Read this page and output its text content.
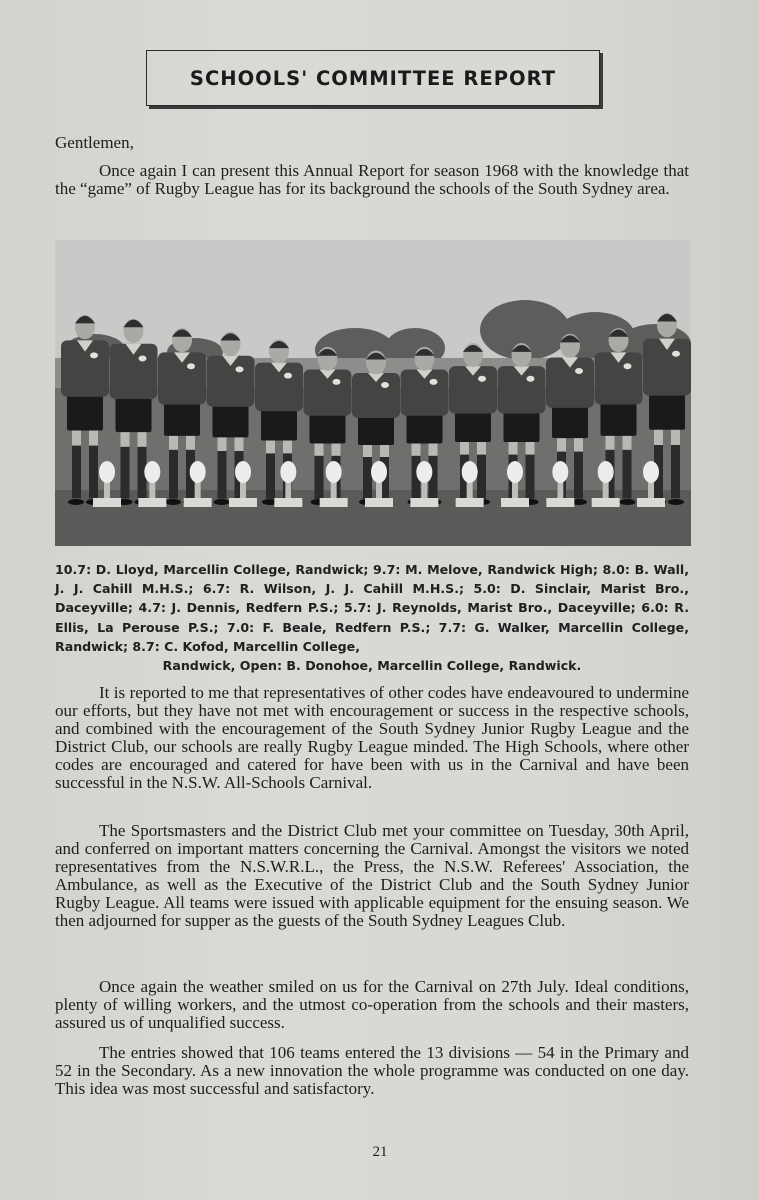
SCHOOLS' COMMITTEE REPORT
Gentlemen,

Once again I can present this Annual Report for season 1968 with the knowledge that the “game” of Rugby League has for its background the schools of the South Sydney area.

10.7: D. Lloyd, Marcellin College, Randwick; 9.7: M. Melove, Randwick High; 8.0: B. Wall, J. J. Cahill M.H.S.; 6.7: R. Wilson, J. J. Cahill M.H.S.; 5.0: D. Sinclair, Marist Bro., Daceyville; 4.7: J. Dennis, Redfern P.S.; 5.7: J. Reynolds, Marist Bro., Daceyville; 6.0: R. Ellis, La Perouse P.S.; 7.0: F. Beale, Redfern P.S.; 7.7: G. Walker, Marcellin College, Randwick; 8.7: C. Kofod, Marcellin College,
Randwick, Open: B. Donohoe, Marcellin College, Randwick.

It is reported to me that representatives of other codes have endeavoured to undermine our efforts, but they have not met with encouragement or success in the respective schools, and combined with the encouragement of the South Sydney Junior Rugby League and the District Club, our schools are really Rugby League minded. The High Schools, where other codes are encouraged and catered for have been with us in the Carnival and have been successful in the N.S.W. All-Schools Carnival.

The Sportsmasters and the District Club met your committee on Tuesday, 30th April, and conferred on important matters concerning the Carnival. Amongst the visitors we noted representatives from the N.S.W.R.L., the Press, the N.S.W. Referees' Association, the Ambulance, as well as the Executive of the District Club and the South Sydney Junior Rugby League. All teams were issued with applicable equipment for the ensuing season. We then adjourned for supper as the guests of the South Sydney Leagues Club.

Once again the weather smiled on us for the Carnival on 27th July. Ideal conditions, plenty of willing workers, and the utmost co-operation from the schools and their masters, assured us of unqualified success.

The entries showed that 106 teams entered the 13 divisions — 54 in the Primary and 52 in the Secondary. As a new innovation the whole programme was conducted on one day. This idea was most successful and satisfactory.

21
